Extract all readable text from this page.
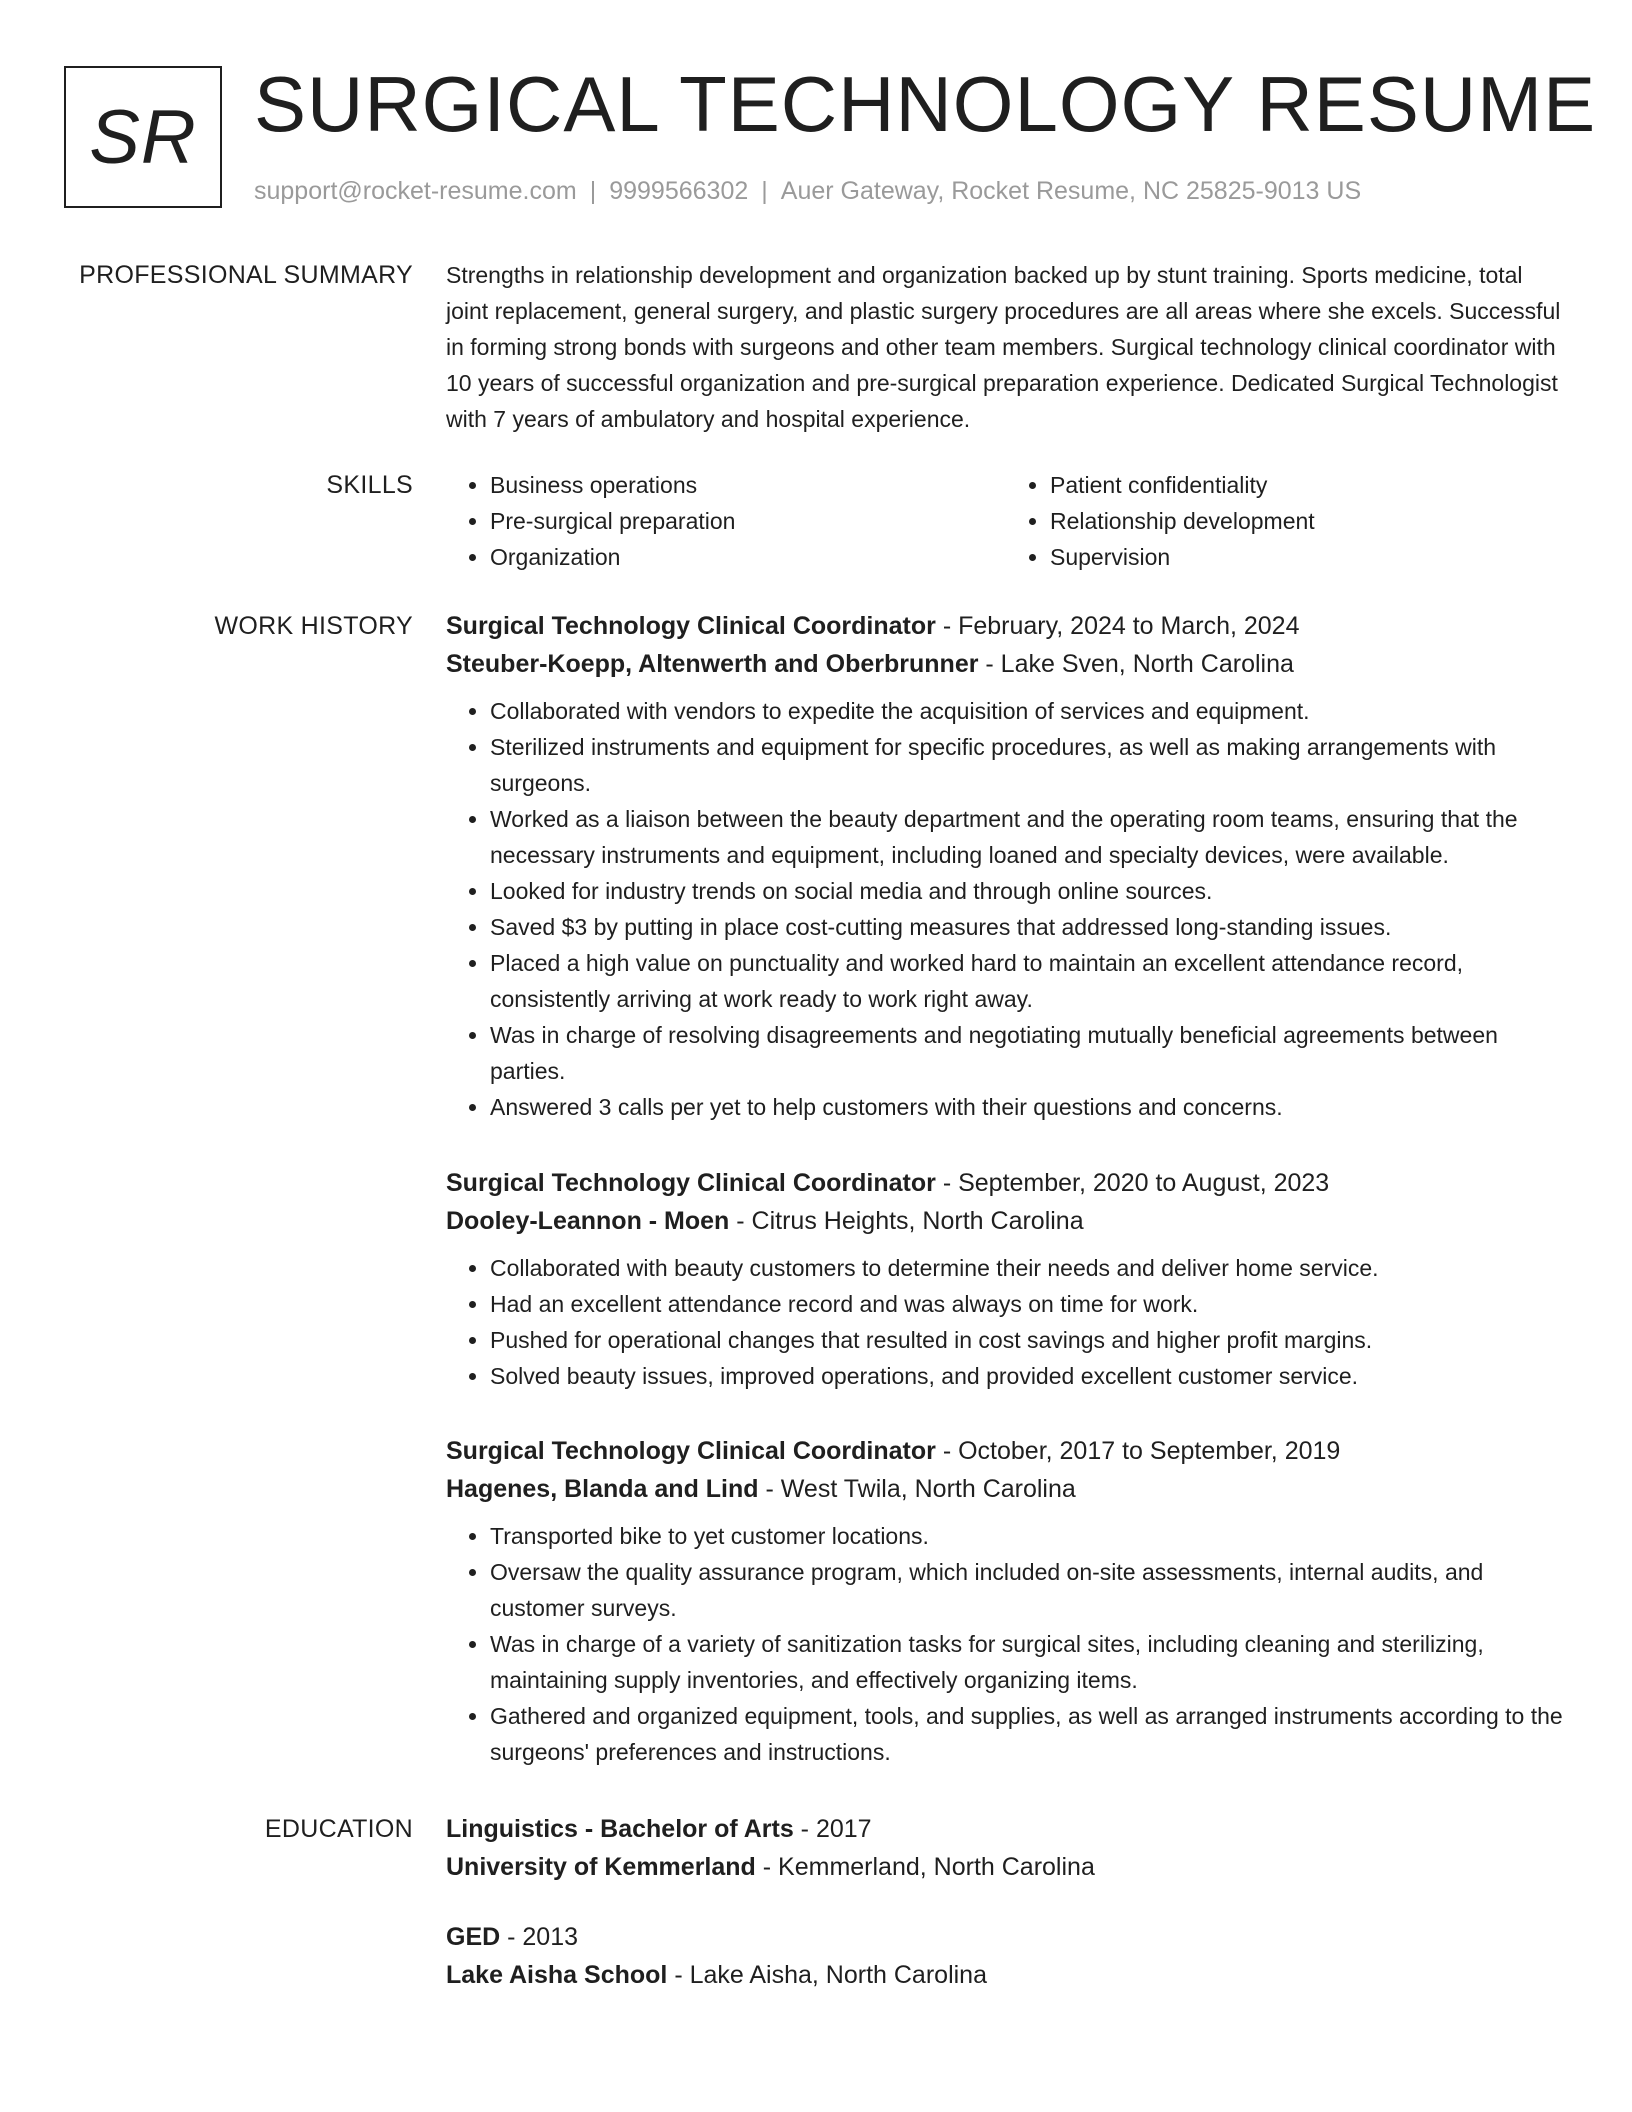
SR SURGICAL TECHNOLOGY RESUME
support@rocket-resume.com | 9999566302 | Auer Gateway, Rocket Resume, NC 25825-9013 US
PROFESSIONAL SUMMARY Strengths in relationship development and organization backed up by stunt training. Sports medicine, total joint replacement, general surgery, and plastic surgery procedures are all areas where she excels. Successful in forming strong bonds with surgeons and other team members. Surgical technology clinical coordinator with 10 years of successful organization and pre-surgical preparation experience. Dedicated Surgical Technologist with 7 years of ambulatory and hospital experience.

SKILLS
•	Business operations
• Pre-surgical preparation
• Organization
• Patient confidentiality
• Relationship development
• Supervision
WORK HISTORY Surgical Technology Clinical Coordinator - February, 2024 to March, 2024
Steuber-Koepp, Altenwerth and Oberbrunner - Lake Sven, North Carolina
• Collaborated with vendors to expedite the acquisition of services and equipment.
• Sterilized instruments and equipment for specific procedures, as well as making arrangements with surgeons.
• Worked as a liaison between the beauty department and the operating room teams, ensuring that the necessary instruments and equipment, including loaned and specialty devices, were available.
• Looked for industry trends on social media and through online sources.
• Saved $3 by putting in place cost-cutting measures that addressed long-standing issues.
• Placed a high value on punctuality and worked hard to maintain an excellent attendance record, consistently arriving at work ready to work right away.
• Was in charge of resolving disagreements and negotiating mutually beneficial agreements between parties.
• Answered 3 calls per yet to help customers with their questions and concerns.
Surgical Technology Clinical Coordinator - September, 2020 to August, 2023
Dooley-Leannon - Moen - Citrus Heights, North Carolina
• Collaborated with beauty customers to determine their needs and deliver home service.
• Had an excellent attendance record and was always on time for work.
• Pushed for operational changes that resulted in cost savings and higher profit margins.
• Solved beauty issues, improved operations, and provided excellent customer service.
Surgical Technology Clinical Coordinator - October, 2017 to September, 2019
Hagenes, Blanda and Lind - West Twila, North Carolina
• Transported bike to yet customer locations.
• Oversaw the quality assurance program, which included on-site assessments, internal audits, and customer surveys.
• Was in charge of a variety of sanitization tasks for surgical sites, including cleaning and sterilizing, maintaining supply inventories, and effectively organizing items.
• Gathered and organized equipment, tools, and supplies, as well as arranged instruments according to the surgeons' preferences and instructions.
EDUCATION Linguistics - Bachelor of Arts - 2017
University of Kemmerland - Kemmerland, North Carolina
GED - 2013
Lake Aisha School - Lake Aisha, North Carolina
